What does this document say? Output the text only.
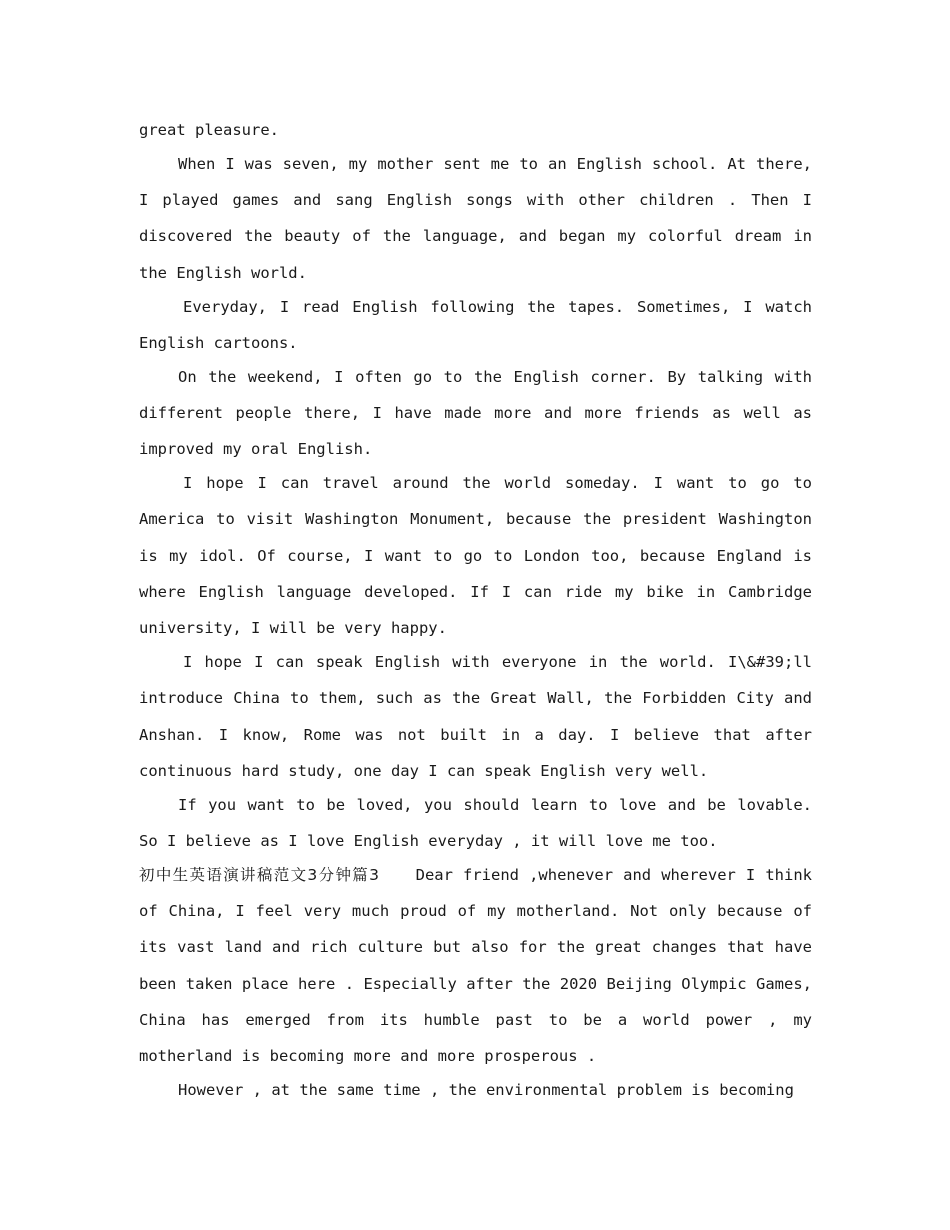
great pleasure.

When I was seven, my mother sent me to an English school. At there, I played games and sang English songs with other children . Then I discovered the beauty of the language, and began my colorful dream in the English world.

Everyday, I read English following the tapes. Sometimes, I watch English cartoons.

On the weekend, I often go to the English corner. By talking with different people there, I have made more and more friends as well as improved my oral English.

I hope I can travel around the world someday. I want to go to America to visit Washington Monument, because the president Washington is my idol. Of course, I want to go to London too, because England is where English language developed. If I can ride my bike in Cambridge university, I will be very happy.

I hope I can speak English with everyone in the world. I\&#39;ll introduce China to them, such as the Great Wall, the Forbidden City and Anshan. I know, Rome was not built in a day. I believe that after continuous hard study, one day I can speak English very well.

If you want to be loved, you should learn to love and be lovable. So I believe as I love English everyday , it will love me too.

初中生英语演讲稿范文3分钟篇3 Dear friend ,whenever and wherever I think of China, I feel very much proud of my motherland. Not only because of its vast land and rich culture but also for the great changes that have been taken place here . Especially after the 2020 Beijing Olympic Games, China has emerged from its humble past to be a world power , my motherland is becoming more and more prosperous .

However , at the same time , the environmental problem is becoming
